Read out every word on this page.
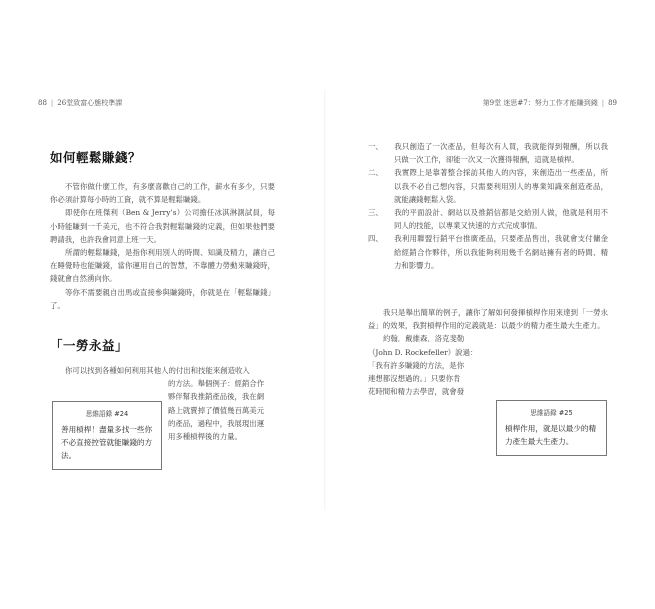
88 | 26堂致富心態校準課	第9堂 迷思#7：努力工作才能賺到錢 | 89
如何輕鬆賺錢？

不管你做什麼工作，有多麼喜歡自己的工作，薪水有多少，只要你必須計算每小時的工資，就不算是輕鬆賺錢。

即使你在班傑利（Ben & Jerry’s）公司擔任冰淇淋測試員，每小時能賺到一千美元，也不符合我對輕鬆賺錢的定義，但如果他們要聘請我，也許我會同意上班一天。

所謂的輕鬆賺錢，是指你利用別人的時間、知識及精力，讓自己在睡覺時也能賺錢，當你運用自己的智慧，不靠體力勞動來賺錢時，錢就會自然湧向你。

等你不需要親自出馬或直接參與賺錢時，你就是在「輕鬆賺錢」了。

「一勞永益」

你可以找到各種如何利用其他人的付出和技能來創造收入

的方法。舉個例子：經銷合作
夥伴幫我推銷產品後，我在網
路上就賣掉了價值幾百萬美元
的產品，過程中，我展現出運
用多種槓桿後的力量。
思維語錄 #24
善用槓桿！盡量多找一些你不必直接控管就能賺錢的方法。
一、 我只創造了一次產品，但每次有人買，我就能得到報酬，所以我只做一次工作，卻能一次又一次獲得報酬，這就是槓桿。
二、 我實際上是靠著整合採訪其他人的內容，來創造出一些產品，所以我不必自己想內容，只需要利用別人的專業知識來創造產品，就能讓錢輕鬆入袋。
三、 我的平面設計、網站以及推銷信都是交給別人做，他就是利用不同人的技能，以專業又快速的方式完成事情。
四、 我利用聯盟行銷平台推廣產品，只要產品售出，我就會支付傭金給經銷合作夥伴，所以我能夠利用幾千名網站擁有者的時間、精力和影響力。

我只是舉出簡單的例子，讓你了解如何發揮槓桿作用來達到「一勞永益」的效果，我對槓桿作用的定義就是：以最少的精力產生最大生產力。

約翰．戴維森．洛克斐勒
（John D. Rockefeller）說過：
「我有許多賺錢的方法，是你
連想都沒想過的。」只要你肯
花時間和精力去學習，就會發
思維語錄 #25
槓桿作用，就是以最少的精力產生最大生產力。
